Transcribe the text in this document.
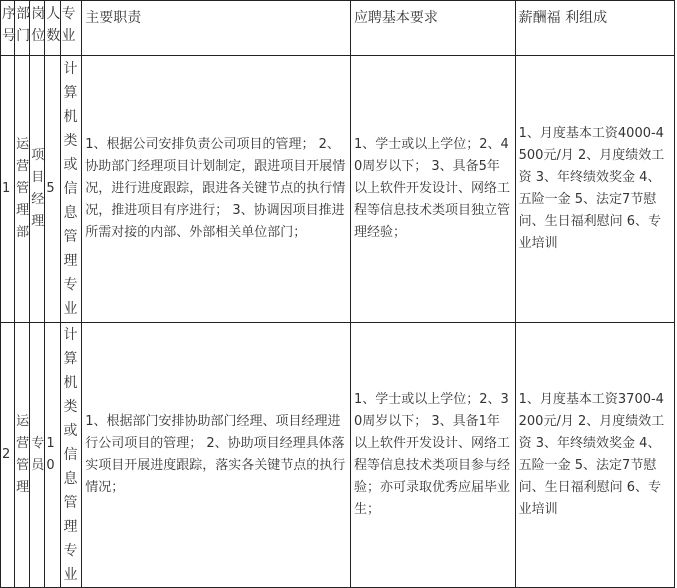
序号	部门	岗位	人数	专业	主要职责	应聘基本要求	薪酬福 利组成

1	运营管理部	项目经理	5	计算机类或信息管理专业	1、根据公司安排负责公司项目的管理； 2、协助部门经理项目计划制定，跟进项目开展情况，进行进度跟踪，跟进各关键节点的执行情况，推进项目有序进行； 3、协调因项目推进所需对接的内部、外部相关单位部门；	1、学士或以上学位；2、40周岁以下； 3、具备5年以上软件开发设计、网络工程等信息技术类项目独立管理经验；	1、月度基本工资4000-4500元/月 2、月度绩效工资 3、年终绩效奖金 4、五险一金 5、法定7节慰问、生日福利慰问 6、专业培训

2	运营管理	专员	10	计算机类或信息管理专业	1、根据部门安排协助部门经理、项目经理进行公司项目的管理； 2、协助项目经理具体落实项目开展进度跟踪，落实各关键节点的执行情况；	1、学士或以上学位；2、30周岁以下； 3、具备1年以上软件开发设计、网络工程等信息技术类项目参与经验；亦可录取优秀应届毕业生；	1、月度基本工资3700-4200元/月 2、月度绩效工资 3、年终绩效奖金 4、五险一金 5、法定7节慰问、生日福利慰问 6、专业培训
